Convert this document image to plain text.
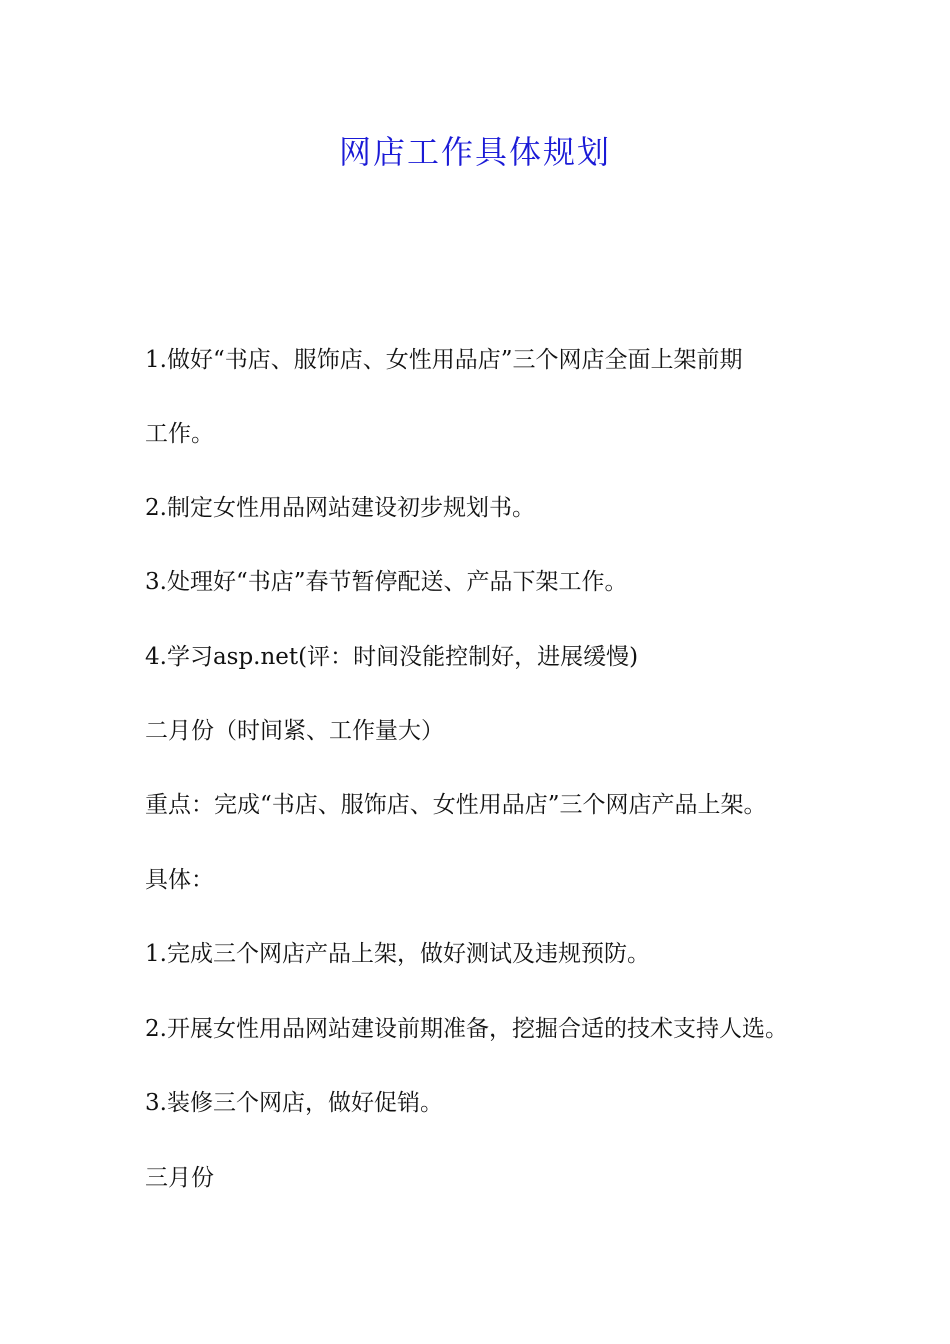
网店工作具体规划

1.做好“书店、服饰店、女性用品店”三个网店全面上架前期

工作。

2.制定女性用品网站建设初步规划书。

3.处理好“书店”春节暂停配送、产品下架工作。

4.学习asp.net(评：时间没能控制好，进展缓慢)

二月份（时间紧、工作量大）

重点：完成“书店、服饰店、女性用品店”三个网店产品上架。

具体：

1.完成三个网店产品上架，做好测试及违规预防。

2.开展女性用品网站建设前期准备，挖掘合适的技术支持人选。

3.装修三个网店，做好促销。

三月份
